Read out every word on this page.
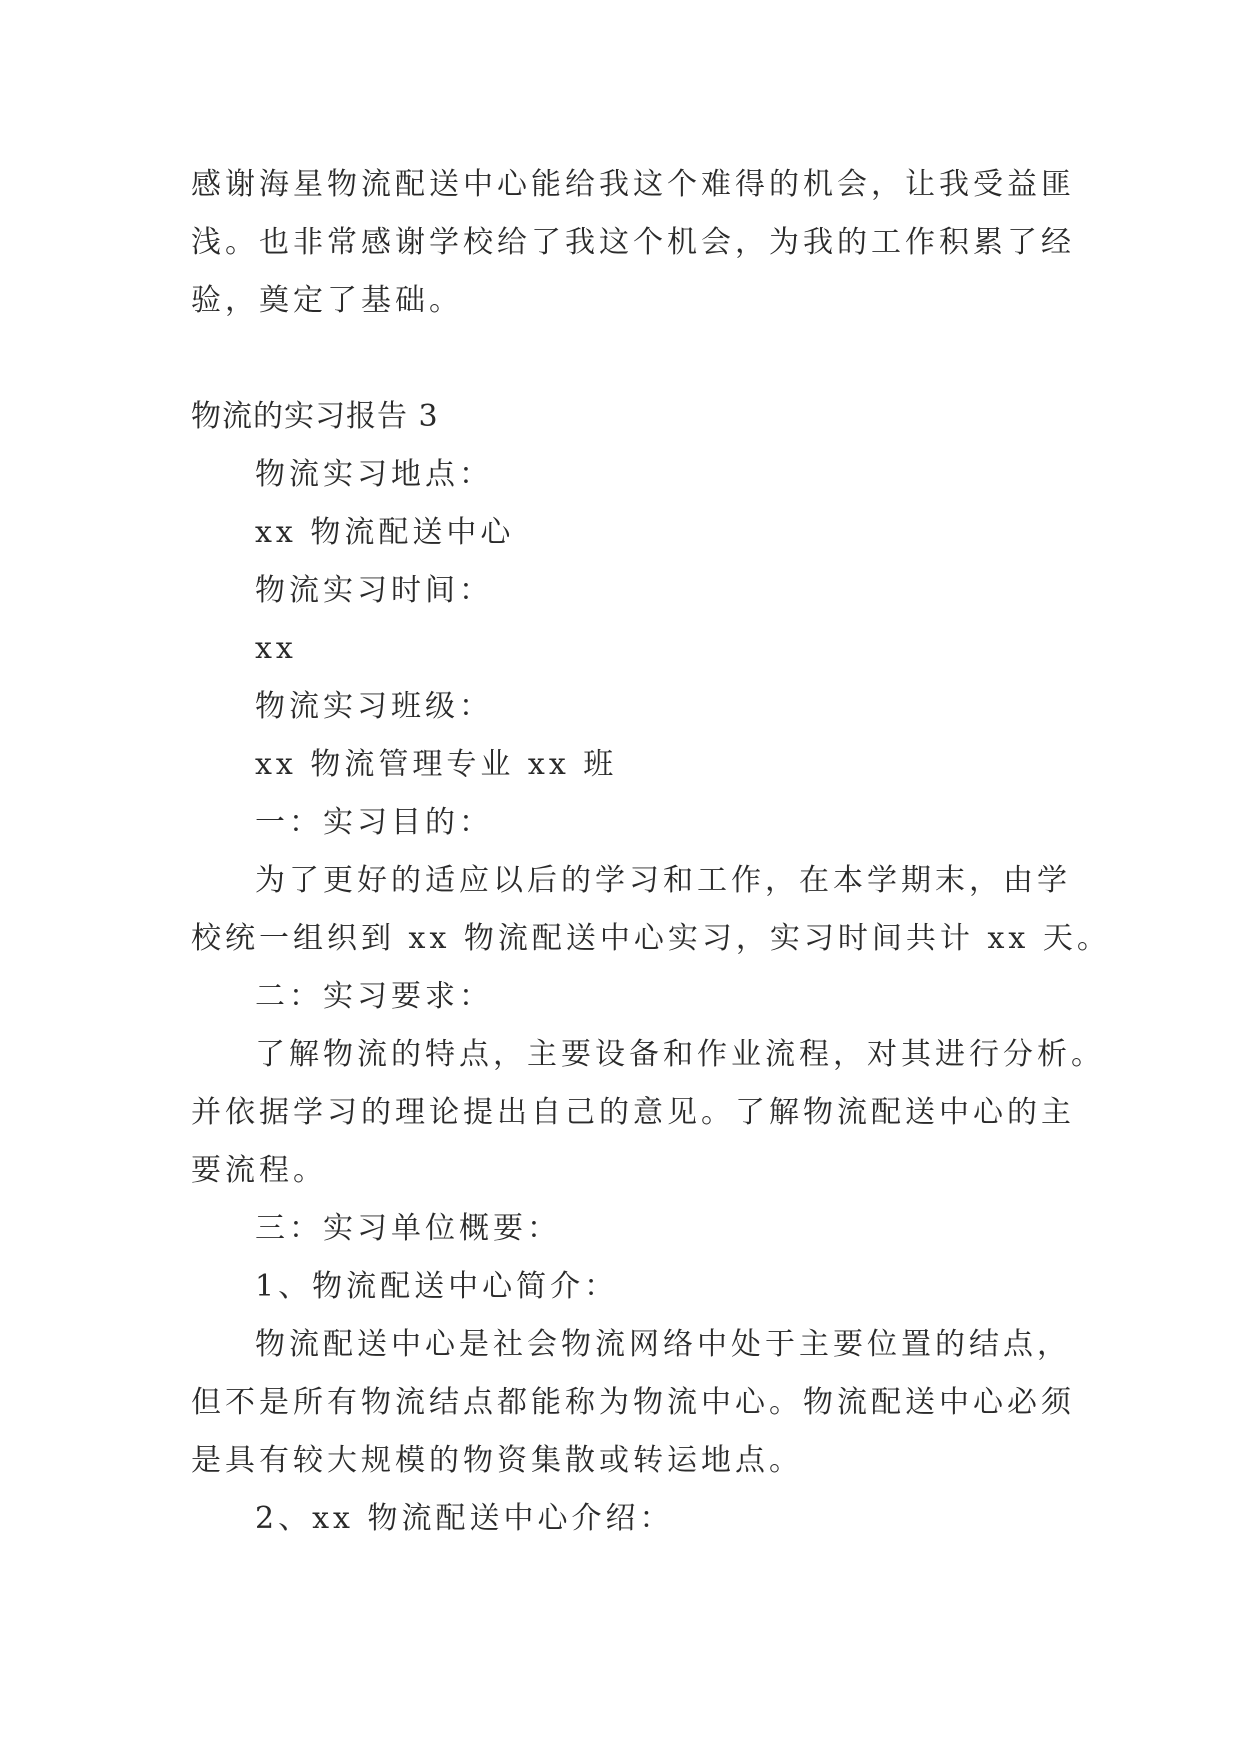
感谢海星物流配送中心能给我这个难得的机会，让我受益匪
浅。也非常感谢学校给了我这个机会，为我的工作积累了经
验，奠定了基础。
物流的实习报告 3
物流实习地点：
xx 物流配送中心
物流实习时间：
xx
物流实习班级：
xx 物流管理专业 xx 班
一：实习目的：
为了更好的适应以后的学习和工作，在本学期末，由学
校统一组织到 xx 物流配送中心实习，实习时间共计 xx 天。
二：实习要求：
了解物流的特点，主要设备和作业流程，对其进行分析。
并依据学习的理论提出自己的意见。了解物流配送中心的主
要流程。
三：实习单位概要：
1、物流配送中心简介：
物流配送中心是社会物流网络中处于主要位置的结点，
但不是所有物流结点都能称为物流中心。物流配送中心必须
是具有较大规模的物资集散或转运地点。
2、xx 物流配送中心介绍：
